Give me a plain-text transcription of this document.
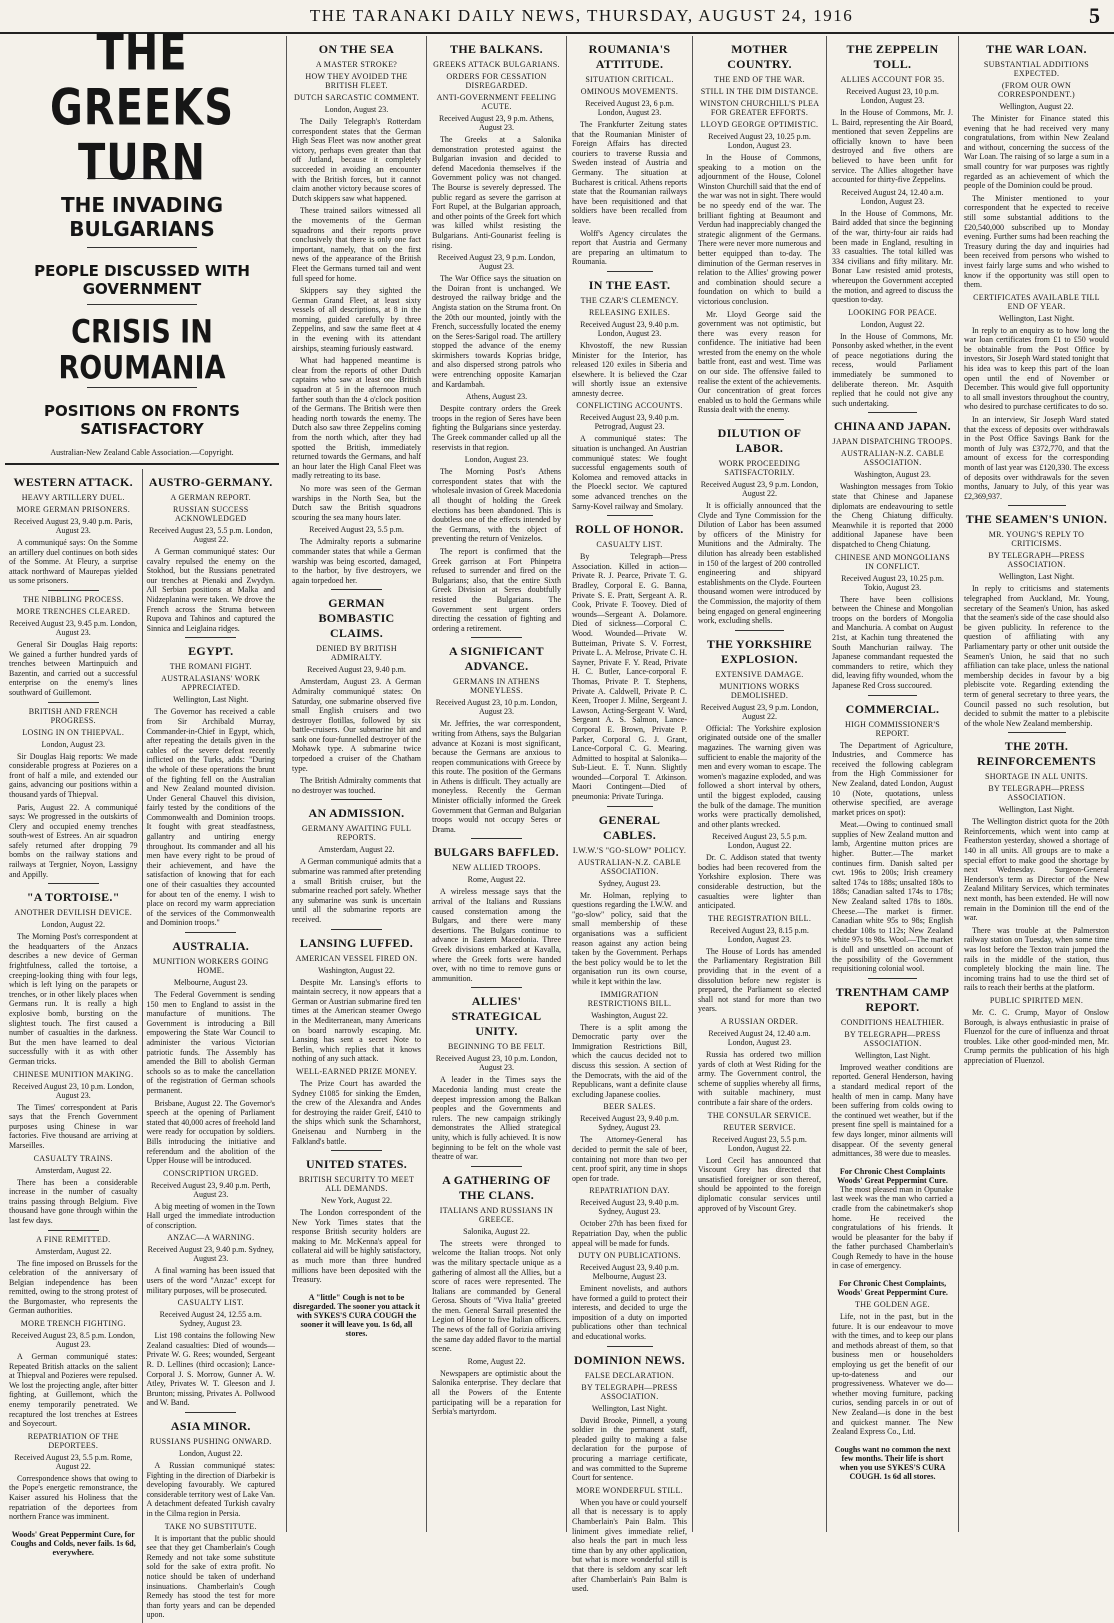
THE TARANAKI DAILY NEWS, THURSDAY, AUGUST 24, 1916	5
THE GREEKS TURN
THE INVADING BULGARIANS
PEOPLE DISCUSSED WITH GOVERNMENT
CRISIS IN ROUMANIA
POSITIONS ON FRONTS SATISFACTORY
Australian-New Zealand Cable Association.—Copyright.
WESTERN ATTACK.
HEAVY ARTILLERY DUEL.
MORE GERMAN PRISONERS.
Received August 23, 9.40 p.m. Paris, August 23.

A communiqué says: On the Somme an artillery duel continues on both sides of the Somme. At Fleury, a surprise attack northward of Maurepas yielded us some prisoners.

THE NIBBLING PROCESS.
MORE TRENCHES CLEARED.
Received August 23, 9.45 p.m. London, August 23.

General Sir Douglas Haig reports: We gained a further hundred yards of trenches between Martinpuich and Bazentin, and carried out a successful enterprise on the enemy's lines southward of Guillemont.

BRITISH AND FRENCH PROGRESS.
LOSING IN ON THIEPVAL.
London, August 23.

Sir Douglas Haig reports: We made considerable progress at Pozieres on a front of half a mile, and extended our gains, advancing our positions within a thousand yards of Thiepval.

Paris, August 22. A communiqué says: We progressed in the outskirts of Clery and occupied enemy trenches south-west of Estrees. An air squadron safely returned after dropping 79 bombs on the railway stations and railways at Tergnier, Noyon, Lassigny and Appilly.

"A TORTOISE."
ANOTHER DEVILISH DEVICE.
London, August 22.

The Morning Post's correspondent at the headquarters of the Anzacs describes a new device of German frightfulness, called the tortoise, a creeping-looking thing with four legs, which is left lying on the parapets or trenches, or in other likely places when Germans run. It is really a high explosive bomb, bursting on the slightest touch. The first caused a number of casualties in the darkness. But the men have learned to deal successfully with it as with other German tricks.

CHINESE MUNITION MAKING.
Received August 23, 10 p.m. London, August 23.

The Times' correspondent at Paris says that the French Government purposes using Chinese in war factories. Five thousand are arriving at Marseilles.

CASUALTY TRAINS.
Amsterdam, August 22.

There has been a considerable increase in the number of casualty trains passing through Belgium. Five thousand have gone through within the last few days.

A FINE REMITTED.
Amsterdam, August 22.

The fine imposed on Brussels for the celebration of the anniversary of Belgian independence has been remitted, owing to the strong protest of the Burgomaster, who represents the German authorities.

MORE TRENCH FIGHTING.
Received August 23, 8.5 p.m. London, August 23.

A German communiqué states: Repeated British attacks on the salient at Thiepval and Pozieres were repulsed. We lost the projecting angle, after bitter fighting, at Guillemont, which the enemy temporarily penetrated. We recaptured the lost trenches at Estrees and Soyecourt.

REPATRIATION OF THE DEPORTEES.
Received August 23, 5.5 p.m. Rome, August 22.

Correspondence shows that owing to the Pope's energetic remonstrance, the Kaiser assured his Holiness that the repatriation of the deportees from northern France was imminent.

Woods' Great Peppermint Cure, for Coughs and Colds, never fails. 1s 6d, everywhere.
AUSTRO-GERMANY.
A GERMAN REPORT.
RUSSIAN SUCCESS ACKNOWLEDGED
Received August 23, 5.5 p.m. London, August 22.

A German communiqué states: Our cavalry repulsed the enemy on the Stokhod, but the Russians penetrated our trenches at Pienaki and Zwydyn. All Serbian positions at Malka and Nidzeplanina were taken. We drove the French across the Struma between Rupova and Tahinos and captured the Sinnica and Leiglaina ridges.

EGYPT.
THE ROMANI FIGHT.
AUSTRALASIANS' WORK APPRECIATED.
Wellington, Last Night.

The Governor has received a cable from Sir Archibald Murray, Commander-in-Chief in Egypt, which, after repeating the details given in the cables of the severe defeat recently inflicted on the Turks, adds: "During the whole of these operations the brunt of the fighting fell on the Australian and New Zealand mounted division. Under General Chauvel this division, fairly tested by the conditions of the Commonwealth and Dominion troops. It fought with great steadfastness, gallantry and untiring energy throughout. Its commander and all his men have every right to be proud of their achievement, and have the satisfaction of knowing that for each one of their casualties they accounted for about ten of the enemy. I wish to place on record my warm appreciation of the services of the Commonwealth and Dominion troops."

AUSTRALIA.
MUNITION WORKERS GOING HOME.
Melbourne, August 23.

The Federal Government is sending 150 men to England to assist in the manufacture of munitions. The Government is introducing a Bill empowering the State War Council to administer the various Victorian patriotic funds. The Assembly has amended the Bill to abolish German schools so as to make the cancellation of the registration of German schools permanent.

Brisbane, August 22. The Governor's speech at the opening of Parliament stated that 40,000 acres of freehold land were ready for occupation by soldiers. Bills introducing the initiative and referendum and the abolition of the Upper House will be introduced.

CONSCRIPTION URGED.
Received August 23, 9.40 p.m. Perth, August 23.

A big meeting of women in the Town Hall urged the immediate introduction of conscription.

ANZAC—A WARNING.
Received August 23, 9.40 p.m. Sydney, August 23.

A final warning has been issued that users of the word "Anzac" except for military purposes, will be prosecuted.

CASUALTY LIST.
Received August 24, 12.55 a.m. Sydney, August 23.

List 198 contains the following New Zealand casualties: Died of wounds—Private W. G. Rees; wounded, Sergeant R. D. Lellines (third occasion); Lance-Corporal J. S. Morrow, Gunner A. W. Atley, Privates W. T. Gleeson and J. Brunton; missing, Privates A. Pollwood and W. Band.

ASIA MINOR.
RUSSIANS PUSHING ONWARD.
London, August 22.

A Russian communiqué states: Fighting in the direction of Diarbekir is developing favourably. We captured considerable territory west of Lake Van. A detachment defeated Turkish cavalry in the Cilma region in Persia.

TAKE NO SUBSTITUTE.

It is important that the public should see that they get Chamberlain's Cough Remedy and not take some substitute sold for the sake of extra profit. No notice should be taken of underhand insinuations. Chamberlain's Cough Remedy has stood the test for more than forty years and can be depended upon.

ON THE SEA
A MASTER STROKE?
HOW THEY AVOIDED THE BRITISH FLEET.
DUTCH SARCASTIC COMMENT.
London, August 23.

The Daily Telegraph's Rotterdam correspondent states that the German High Seas Fleet was now another great victory, perhaps even greater than that off Jutland, because it completely succeeded in avoiding an encounter with the British forces, but it cannot claim another victory because scores of Dutch skippers saw what happened.

These trained sailors witnessed all the movements of the German squadrons and their reports prove conclusively that there is only one fact important, namely, that on the first news of the appearance of the British Fleet the Germans turned tail and went full speed for home.

Skippers say they sighted the German Grand Fleet, at least sixty vessels of all descriptions, at 8 in the morning, guided carefully by three Zeppelins, and saw the same fleet at 4 in the evening with its attendant airships, steaming furiously eastward.

What had happened meantime is clear from the reports of other Dutch captains who saw at least one British squadron at 5 in the afternoon much farther south than the 4 o'clock position of the Germans. The British were then heading north towards the enemy. The Dutch also saw three Zeppelins coming from the north which, after they had spotted the British, immediately returned towards the Germans, and half an hour later the High Canal Fleet was madly retreating to its base.

No more was seen of the German warships in the North Sea, but the Dutch saw the British squadrons scouring the sea many hours later.

Received August 23, 5.5 p.m.

The Admiralty reports a submarine commander states that while a German warship was being escorted, damaged, to the harbor, by five destroyers, we again torpedoed her.

GERMAN BOMBASTIC CLAIMS.
DENIED BY BRITISH ADMIRALTY.
Received August 23, 9.40 p.m.

Amsterdam, August 23. A German Admiralty communiqué states: On Saturday, one submarine observed five small English cruisers and two destroyer flotillas, followed by six battle-cruisers. Our submarine hit and sank one four-funnelled destroyer of the Mohawk type. A submarine twice torpedoed a cruiser of the Chatham type.

The British Admiralty comments that no destroyer was touched.

AN ADMISSION.
GERMANY AWAITING FULL REPORTS.
Amsterdam, August 22.

A German communiqué admits that a submarine was rammed after pretending a small British cruiser, but the submarine reached port safely. Whether any submarine was sunk is uncertain until all the submarine reports are received.

LANSING LUFFED.
AMERICAN VESSEL FIRED ON.
Washington, August 22.

Despite Mr. Lansing's efforts to maintain secrecy, it now appears that a German or Austrian submarine fired ten times at the American steamer Owego in the Mediterranean, many Americans on board narrowly escaping. Mr. Lansing has sent a secret Note to Berlin, which replies that it knows nothing of any such attack.

WELL-EARNED PRIZE MONEY.

The Prize Court has awarded the Sydney £1085 for sinking the Emden, the crew of the Alexandra and Andes for destroying the raider Greif, £410 to the ships which sunk the Scharnhorst, Gneisenau and Nurnberg in the Falkland's battle.

UNITED STATES.
BRITISH SECURITY TO MEET ALL DEMANDS.
New York, August 22.

The London correspondent of the New York Times states that the response British security holders are making to Mr. McKenna's appeal for collateral aid will be highly satisfactory, as much more than three hundred millions have been deposited with the Treasury.

A "little" Cough is not to be disregarded. The sooner you attack it with SYKES'S CURA COUGH the sooner it will leave you. 1s 6d, all stores.
THE BALKANS.
GREEKS ATTACK BULGARIANS.
ORDERS FOR CESSATION DISREGARDED.
ANTI-GOVERNMENT FEELING ACUTE.
Received August 23, 9 p.m. Athens, August 23.

The Greeks at a Salonika demonstration protested against the Bulgarian invasion and decided to defend Macedonia themselves if the Government policy was not changed. The Bourse is severely depressed. The public regard as severe the garrison at Fort Rupel, at the Bulgarian approach, and other points of the Greek fort which was killed whilst resisting the Bulgarians. Anti-Gounarist feeling is rising.

Received August 23, 9 p.m. London, August 23.

The War Office says the situation on the Doiran front is unchanged. We destroyed the railway bridge and the Angista station on the Struma front. On the 20th our mounted, jointly with the French, successfully located the enemy on the Seres-Sarigol road. The artillery stopped the advance of the enemy skirmishers towards Koprias bridge, and also dispersed strong patrols who were entrenching opposite Kamarjan and Kardambah.

Athens, August 23.

Despite contrary orders the Greek troops in the region of Seres have been fighting the Bulgarians since yesterday. The Greek commander called up all the reservists in that region.

London, August 23.

The Morning Post's Athens correspondent states that with the wholesale invasion of Greek Macedonia all thought of holding the Greek elections has been abandoned. This is doubtless one of the effects intended by the Germans, with the object of preventing the return of Venizelos.

The report is confirmed that the Greek garrison at Fort Phinpetra refused to surrender and fired on the Bulgarians; also, that the entire Sixth Greek Division at Seres doubtfully resisted the Bulgarians. The Government sent urgent orders directing the cessation of fighting and ordering a retirement.

A SIGNIFICANT ADVANCE.
GERMANS IN ATHENS MONEYLESS.
Received August 23, 10 p.m. London, August 23.

Mr. Jeffries, the war correspondent, writing from Athens, says the Bulgarian advance at Kozani is most significant, because the Germans are anxious to reopen communications with Greece by this route. The position of the Germans in Athens is difficult. They actually are moneyless. Recently the German Minister officially informed the Greek Government that German and Bulgarian troops would not occupy Seres or Drama.

BULGARS BAFFLED.
NEW ALLIED TROOPS.
Rome, August 22.

A wireless message says that the arrival of the Italians and Russians caused consternation among the Bulgars, and there were many desertions. The Bulgars continue to advance in Eastern Macedonia. Three Greek divisions embarked at Kavalla, where the Greek forts were handed over, with no time to remove guns or ammunition.

ALLIES' STRATEGICAL UNITY.
BEGINNING TO BE FELT.
Received August 23, 10 p.m. London, August 23.

A leader in the Times says the Macedonia landing must create the deepest impression among the Balkan peoples and the Governments and rulers. The new campaign strikingly demonstrates the Allied strategical unity, which is fully achieved. It is now beginning to be felt on the whole vast theatre of war.

A GATHERING OF THE CLANS.
ITALIANS AND RUSSIANS IN GREECE.
Salonika, August 22.

The streets were thronged to welcome the Italian troops. Not only was the military spectacle unique as a gathering of almost all the Allies, but a score of races were represented. The Italians are commanded by General Gerosa. Shouts of "Viva Italia" greeted the men. General Sarrail presented the Legion of Honor to five Italian officers. The news of the fall of Gorizia arriving the same day added flavor to the martial scene.

Rome, August 22.

Newspapers are optimistic about the Salonika enterprise. They declare that all the Powers of the Entente participating will be a reparation for Serbia's martyrdom.

ROUMANIA'S ATTITUDE.
SITUATION CRITICAL.
OMINOUS MOVEMENTS.
Received August 23, 6 p.m. London, August 23.

The Frankfurter Zeitung states that the Roumanian Minister of Foreign Affairs has directed couriers to traverse Russia and Sweden instead of Austria and Germany. The situation at Bucharest is critical. Athens reports state that the Roumanian railways have been requisitioned and that soldiers have been recalled from leave.

Wolff's Agency circulates the report that Austria and Germany are preparing an ultimatum to Roumania.

IN THE EAST.
THE CZAR'S CLEMENCY.
RELEASING EXILES.
Received August 23, 9.40 p.m. London, August 23.

Khvostoff, the new Russian Minister for the Interior, has released 120 exiles in Siberia and elsewhere. It is believed the Czar will shortly issue an extensive amnesty decree.

CONFLICTING ACCOUNTS.
Received August 23, 9.40 p.m. Petrograd, August 23.

A communiqué states: The situation is unchanged. An Austrian communiqué states: We fought successful engagements south of Kolomea and removed attacks in the Ploeckl sector. We captured some advanced trenches on the Sarny-Kovel railway and Smolary.

ROLL OF HONOR.
CASUALTY LIST.

By Telegraph—Press Association. Killed in action—Private R. J. Pearce, Private T. G. Bradley, Corporal E. G. Banna, Private S. E. Pratt, Sergeant A. R. Cook, Private F. Toovey. Died of wounds—Sergeant A. Dolamore. Died of sickness—Corporal C. Wood. Wounded—Private W. Butteiman, Private S. V. Forrest, Private L. A. Melrose, Private C. H. Sayner, Private F. Y. Read, Private H. C. Butler, Lance-corporal F. Thomas, Private P. T. Stephens, Private A. Caldwell, Private P. C. Keen, Trooper J. Milne, Sergeant J. Lawson, Acting-Sergeant V. Ward, Sergeant A. S. Salmon, Lance-Corporal E. Brown, Private P. Parker, Corporal G. J. Grant, Lance-Corporal C. G. Mearing. Admitted to hospital at Salonika—Sub-Lieut. E. T. Nunn. Slightly wounded—Corporal T. Atkinson. Maori Contingent—Died of pneumonia: Private Turinga.

GENERAL CABLES.
I.W.W.'S "GO-SLOW" POLICY.
AUSTRALIAN-N.Z. CABLE ASSOCIATION.
Sydney, August 23.

Mr. Holman, replying to questions regarding the I.W.W. and "go-slow" policy, said that the small membership of these organisations was a sufficient reason against any action being taken by the Government. Perhaps the best policy would be to let the organisation run its own course, while it kept within the law.

IMMIGRATION RESTRICTIONS BILL.
Washington, August 22.

There is a split among the Democratic party over the Immigration Restrictions Bill, which the caucus decided not to discuss this session. A section of the Democrats, with the aid of the Republicans, want a definite clause excluding Japanese coolies.

BEER SALES.
Received August 23, 9.40 p.m. Sydney, August 23.

The Attorney-General has decided to permit the sale of beer, containing not more than two per cent. proof spirit, any time in shops open for trade.

REPATRIATION DAY.
Received August 23, 9.40 p.m. Sydney, August 23.

October 27th has been fixed for Repatriation Day, when the public appeal will be made for funds.

DUTY ON PUBLICATIONS.
Received August 23, 9.40 p.m. Melbourne, August 23.

Eminent novelists, and authors have formed a guild to protect their interests, and decided to urge the imposition of a duty on imported publications other than technical and educational works.

DOMINION NEWS.
FALSE DECLARATION.
BY TELEGRAPH—PRESS ASSOCIATION.
Wellington, Last Night.

David Brooke, Pinnell, a young soldier in the permanent staff, pleaded guilty to making a false declaration for the purpose of procuring a marriage certificate, and was committed to the Supreme Court for sentence.

MORE WONDERFUL STILL.

When you have or could yourself all that is necessary is to apply Chamberlain's Pain Balm. This liniment gives immediate relief, also heals the part in much less time than by any other application, but what is more wonderful still is that there is seldom any scar left after Chamberlain's Pain Balm is used.

MOTHER COUNTRY.
THE END OF THE WAR.
STILL IN THE DIM DISTANCE.
WINSTON CHURCHILL'S PLEA FOR GREATER EFFORTS.
LLOYD GEORGE OPTIMISTIC.
Received August 23, 10.25 p.m. London, August 23.

In the House of Commons, speaking to a motion on the adjournment of the House, Colonel Winston Churchill said that the end of the war was not in sight. There would be no speedy end of the war. The brilliant fighting at Beaumont and Verdun had inappreciably changed the strategic alignment of the Germans. There were never more numerous and better equipped than to-day. The diminution of the German reserves in relation to the Allies' growing power and combination should secure a foundation on which to build a victorious conclusion.

Mr. Lloyd George said the government was not optimistic, but there was every reason for confidence. The initiative had been wrested from the enemy on the whole battle front, east and west. Time was on our side. The offensive failed to realise the extent of the achievements. Our concentration of great forces enabled us to hold the Germans while Russia dealt with the enemy.

DILUTION OF LABOR.
WORK PROCEEDING SATISFACTORILY.
Received August 23, 9 p.m. London, August 22.

It is officially announced that the Clyde and Tyne Commission for the Dilution of Labor has been assumed by officers of the Ministry for Munitions and the Admiralty. The dilution has already been established in 150 of the largest of 200 controlled engineering and shipyard establishments on the Clyde. Fourteen thousand women were introduced by the Commission, the majority of them being engaged on general engineering work, excluding shells.

THE YORKSHIRE EXPLOSION.
EXTENSIVE DAMAGE.
MUNITIONS WORKS DEMOLISHED.
Received August 23, 9 p.m. London, August 22.

Official: The Yorkshire explosion originated outside one of the smaller magazines. The warning given was sufficient to enable the majority of the men and every woman to escape. The women's magazine exploded, and was followed a short interval by others, until the biggest exploded, causing the bulk of the damage. The munition works were practically demolished, and other plants wrecked.

Received August 23, 5.5 p.m. London, August 22.

Dr. C. Addison stated that twenty bodies had been recovered from the Yorkshire explosion. There was considerable destruction, but the casualties were lighter than anticipated.

THE REGISTRATION BILL.
Received August 23, 8.15 p.m. London, August 23.

The House of Lords has amended the Parliamentary Registration Bill providing that in the event of a dissolution before new register is prepared, the Parliament so elected shall not stand for more than two years.

A RUSSIAN ORDER.
Received August 24, 12.40 a.m. London, August 23.

Russia has ordered two million yards of cloth at West Riding for the army. The Government control, the scheme of supplies whereby all firms, with suitable machinery, must contribute a fair share of the orders.

THE CONSULAR SERVICE.
REUTER SERVICE.
Received August 23, 5.5 p.m. London, August 22.

Lord Cecil has announced that Viscount Grey has directed that unsatisfied foreigner or son thereof, should be appointed to the foreign diplomatic consular services until approved of by Viscount Grey.

THE ZEPPELIN TOLL.
ALLIES ACCOUNT FOR 35.
Received August 23, 10 p.m. London, August 23.

In the House of Commons, Mr. J. L. Baird, representing the Air Board, mentioned that seven Zeppelins are officially known to have been destroyed and five others are believed to have been unfit for service. The Allies altogether have accounted for thirty-five Zeppelins.

Received August 24, 12.40 a.m. London, August 23.

In the House of Commons, Mr. Baird added that since the beginning of the war, thirty-four air raids had been made in England, resulting in 33 casualties. The total killed was 334 civilians and fifty military. Mr. Bonar Law resisted amid protests, whereupon the Government accepted the motion, and agreed to discuss the question to-day.

LOOKING FOR PEACE.
London, August 22.

In the House of Commons, Mr. Ponsonby asked whether, in the event of peace negotiations during the recess, would Parliament immediately be summoned to deliberate thereon. Mr. Asquith replied that he could not give any such undertaking.

CHINA AND JAPAN.
JAPAN DISPATCHING TROOPS.
AUSTRALIAN-N.Z. CABLE ASSOCIATION.
Washington, August 23.

Washington messages from Tokio state that Chinese and Japanese diplomats are endeavouring to settle the Cheng Chiatung difficulty. Meanwhile it is reported that 2000 additional Japanese have been dispatched to Cheng Chiatung.

CHINESE AND MONGOLIANS IN CONFLICT.
Received August 23, 10.25 p.m. Tokio, August 23.

There have been collisions between the Chinese and Mongolian troops on the borders of Mongolia and Manchuria. A combat on August 21st, at Kachin tung threatened the South Manchurian railway. The Japanese commandant requested the commanders to retire, which they did, leaving fifty wounded, whom the Japanese Red Cross succoured.

COMMERCIAL.
HIGH COMMISSIONER'S REPORT.

The Department of Agriculture, Industries, and Commerce has received the following cablegram from the High Commissioner for New Zealand, dated London, August 10 (Note, quotations, unless otherwise specified, are average market prices on spot):

Meat.—Owing to continued small supplies of New Zealand mutton and lamb, Argentine mutton prices are higher. Butter.—The market continues firm. Danish salted per cwt. 196s to 200s; Irish creamery salted 174s to 188s; unsalted 180s to 188s; Canadian salted 174s to 178s; New Zealand salted 178s to 180s. Cheese.—The market is firmer. Canadian white 95s to 98s; English cheddar 108s to 112s; New Zealand white 97s to 98s. Wool.—The market is dull and unsettled on account of the possibility of the Government requisitioning colonial wool.

TRENTHAM CAMP REPORT.
CONDITIONS HEALTHIER.
BY TELEGRAPH—PRESS ASSOCIATION.
Wellington, Last Night.

Improved weather conditions are reported. General Henderson, having a standard medical report of the health of men in camp. Many have been suffering from colds owing to the continued wet weather, but if the present fine spell is maintained for a few days longer, minor ailments will disappear. Of the seventy general admittances, 38 were due to measles.

For Chronic Chest Complaints Woods' Great Peppermint Cure.

The most pleased man in Opunake last week was the man who carried a cradle from the cabinetmaker's shop home. He received the congratulations of his friends. It would be pleasanter for the baby if the father purchased Chamberlain's Cough Remedy to have in the house in case of emergency.

For Chronic Chest Complaints, Woods' Great Peppermint Cure.
THE GOLDEN AGE.

Life, not in the past, but in the future. It is our endeavour to move with the times, and to keep our plans and methods abreast of them, so that business men or householders employing us get the benefit of our up-to-dateness and our progressiveness. Whatever we do—whether moving furniture, packing curios, sending parcels in or out of New Zealand—is done in the best and quickest manner. The New Zealand Express Co., Ltd.

Coughs want no common the next few months. Their life is short when you use SYKES'S CURA COUGH. 1s 6d all stores.
THE WAR LOAN.
SUBSTANTIAL ADDITIONS EXPECTED.
(FROM OUR OWN CORRESPONDENT.)
Wellington, August 22.

The Minister for Finance stated this evening that he had received very many congratulations, from within New Zealand and without, concerning the success of the War Loan. The raising of so large a sum in a small country for war purposes was rightly regarded as an achievement of which the people of the Dominion could be proud.

The Minister mentioned to your correspondent that he expected to receive still some substantial additions to the £20,540,000 subscribed up to Monday evening. Further sums had been reaching the Treasury during the day and inquiries had been received from persons who wished to invest fairly large sums and who wished to know if the opportunity was still open to them.

CERTIFICATES AVAILABLE TILL END OF YEAR.
Wellington, Last Night.

In reply to an enquiry as to how long the war loan certificates from £1 to £50 would be obtainable from the Post Office by investors, Sir Joseph Ward stated tonight that his idea was to keep this part of the loan open until the end of November or December. This would give full opportunity to all small investors throughout the country, who desired to purchase certificates to do so.

In an interview, Sir Joseph Ward stated that the excess of deposits over withdrawals in the Post Office Savings Bank for the month of July was £372,770, and that the amount of excess for the corresponding month of last year was £120,330. The excess of deposits over withdrawals for the seven months, January to July, of this year was £2,369,937.

THE SEAMEN'S UNION.
MR. YOUNG'S REPLY TO CRITICISMS.
BY TELEGRAPH—PRESS ASSOCIATION.
Wellington, Last Night.

In reply to criticisms and statements telegraphed from Auckland, Mr. Young, secretary of the Seamen's Union, has asked that the seamen's side of the case should also be given publicity. In reference to the question of affiliating with any Parliamentary party or other unit outside the Seamen's Union, he said that no such affiliation can take place, unless the national membership decides in favour by a big plebiscite vote. Regarding extending the term of general secretary to three years, the Council passed no such resolution, but decided to submit the matter to a plebiscite of the whole New Zealand membership.

THE 20TH. REINFORCEMENTS
SHORTAGE IN ALL UNITS.
BY TELEGRAPH—PRESS ASSOCIATION.
Wellington, Last Night.

The Wellington district quota for the 20th Reinforcements, which went into camp at Featherston yesterday, showed a shortage of 140 in all units. All groups are to make a special effort to make good the shortage by next Wednesday. Surgeon-General Henderson's term as Director of the New Zealand Military Services, which terminates next month, has been extended. He will now remain in the Dominion till the end of the war.

There was trouble at the Palmerston railway station on Tuesday, when some time was lost before the Texton train jumped the rails in the middle of the station, thus completely blocking the main line. The incoming trains had to use the third set of rails to reach their berths at the platform.

PUBLIC SPIRITED MEN.

Mr. C. C. Crump, Mayor of Onslow Borough, is always enthusiastic in praise of Fluenzol for the cure of influenza and throat troubles. Like other good-minded men, Mr. Crump permits the publication of his high appreciation of Fluenzol.
